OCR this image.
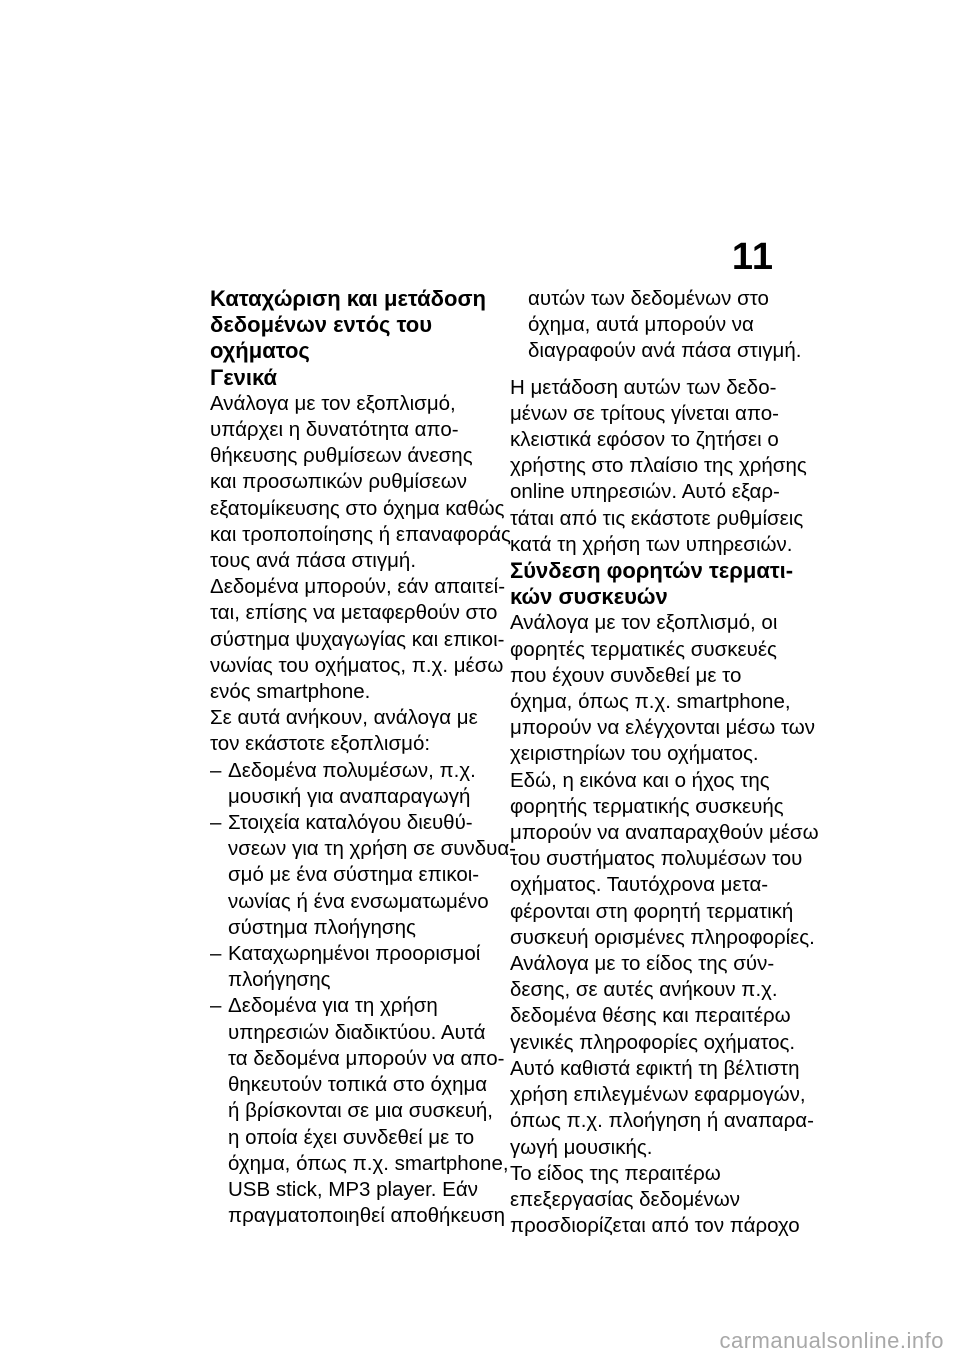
11
Καταχώριση και μετάδοση
δεδομένων εντός του
οχήματος
Γενικά
Ανάλογα με τον εξοπλισμό,
υπάρχει η δυνατότητα απο-
θήκευσης ρυθμίσεων άνεσης
και προσωπικών ρυθμίσεων
εξατομίκευσης στο όχημα καθώς
και τροποποίησης ή επαναφοράς
τους ανά πάσα στιγμή.
Δεδομένα μπορούν, εάν απαιτεί-
ται, επίσης να μεταφερθούν στο
σύστημα ψυχαγωγίας και επικοι-
νωνίας του οχήματος, π.χ. μέσω
ενός smartphone.
Σε αυτά ανήκουν, ανάλογα με
τον εκάστοτε εξοπλισμό:
– Δεδομένα πολυμέσων, π.χ.
μουσική για αναπαραγωγή
– Στοιχεία καταλόγου διευθύ-
νσεων για τη χρήση σε συνδυα-
σμό με ένα σύστημα επικοι-
νωνίας ή ένα ενσωματωμένο
σύστημα πλοήγησης
– Καταχωρημένοι προορισμοί
πλοήγησης
– Δεδομένα για τη χρήση
υπηρεσιών διαδικτύου. Αυτά
τα δεδομένα μπορούν να απο-
θηκευτούν τοπικά στο όχημα
ή βρίσκονται σε μια συσκευή,
η οποία έχει συνδεθεί με το
όχημα, όπως π.χ. smartphone,
USB stick, MP3 player. Εάν
πραγματοποιηθεί αποθήκευση
αυτών των δεδομένων στο
όχημα, αυτά μπορούν να
διαγραφούν ανά πάσα στιγμή.
Η μετάδοση αυτών των δεδο-
μένων σε τρίτους γίνεται απο-
κλειστικά εφόσον το ζητήσει ο
χρήστης στο πλαίσιο της χρήσης
online υπηρεσιών. Αυτό εξαρ-
τάται από τις εκάστοτε ρυθμίσεις
κατά τη χρήση των υπηρεσιών.
Σύνδεση φορητών τερματι-
κών συσκευών
Ανάλογα με τον εξοπλισμό, οι
φορητές τερματικές συσκευές
που έχουν συνδεθεί με το
όχημα, όπως π.χ. smartphone,
μπορούν να ελέγχονται μέσω των
χειριστηρίων του οχήματος.
Εδώ, η εικόνα και ο ήχος της
φορητής τερματικής συσκευής
μπορούν να αναπαραχθούν μέσω
του συστήματος πολυμέσων του
οχήματος. Ταυτόχρονα μετα-
φέρονται στη φορητή τερματική
συσκευή ορισμένες πληροφορίες.
Ανάλογα με το είδος της σύν-
δεσης, σε αυτές ανήκουν π.χ.
δεδομένα θέσης και περαιτέρω
γενικές πληροφορίες οχήματος.
Αυτό καθιστά εφικτή τη βέλτιστη
χρήση επιλεγμένων εφαρμογών,
όπως π.χ. πλοήγηση ή αναπαρα-
γωγή μουσικής.
Το είδος της περαιτέρω
επεξεργασίας δεδομένων
προσδιορίζεται από τον πάροχο
carmanualsonline.info
